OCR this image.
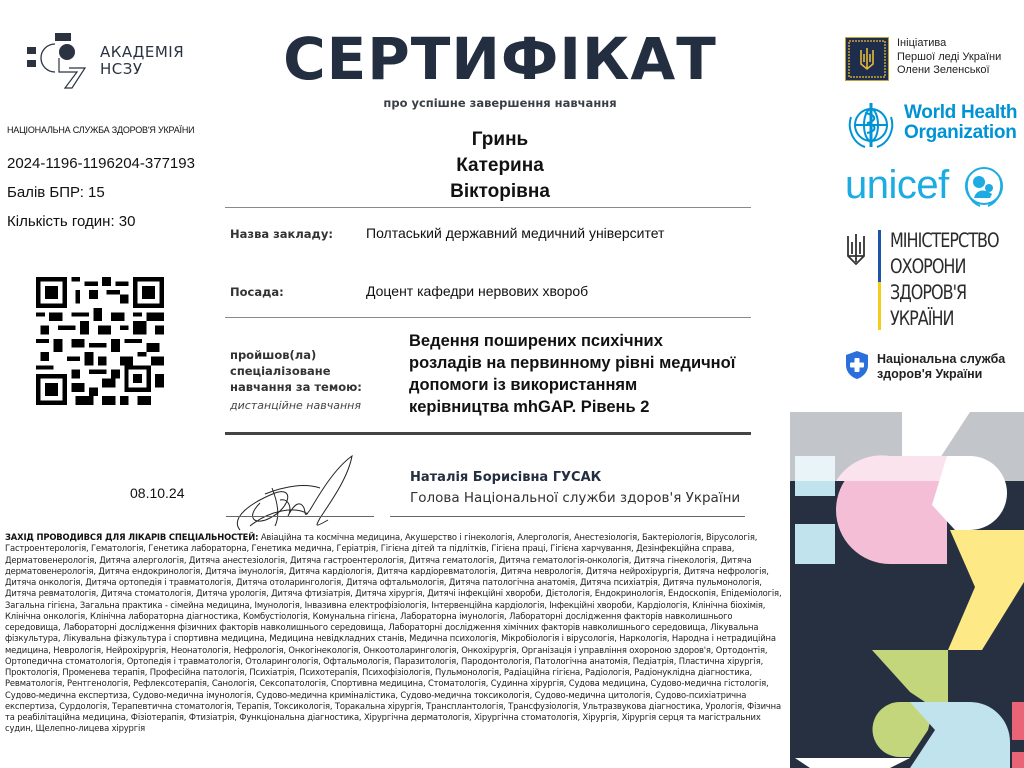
АКАДЕМІЯ
НСЗУ
НАЦІОНАЛЬНА СЛУЖБА ЗДОРОВ'Я УКРАЇНИ
2024-1196-1196204-377193
Балів БПР: 15
Кількість годин: 30
08.10.24
СЕРТИФІКАТ
про успішне завершення навчання
Гринь
Катерина
Вікторівна
Назва закладу: Полтаський державний медичний університет
Посада:	Доцент кафедри нервових хвороб
пройшов(ла)
спеціалізоване
навчання за темою:
дистанційне навчання
Ведення поширених психічних
розладів на первинному рівні медичної
допомоги із використанням
керівництва mhGAP. Рівень 2
Наталія Борисівна ГУСАК
Голова Національної служби здоров'я України
ЗАХІД ПРОВОДИВСЯ ДЛЯ ЛІКАРІВ СПЕЦІАЛЬНОСТЕЙ: Авіаційна та космічна медицина, Акушерство і гінекологія, Алергологія, Анестезіологія, Бактеріологія, Вірусологія, Гастроентерологія, Гематологія, Генетика лабораторна, Генетика медична, Геріатрія, Гігієна дітей та підлітків, Гігієна праці, Гігієна харчування, Дезінфекційна справа, Дерматовенерологія, Дитяча алергологія, Дитяча анестезіологія, Дитяча гастроентерологія, Дитяча гематологія, Дитяча гематологія-онкологія, Дитяча гінекологія, Дитяча дерматовенерологія, Дитяча ендокринологія, Дитяча імунологія, Дитяча кардіологія, Дитяча кардіоревматологія, Дитяча неврологія, Дитяча нейрохірургія, Дитяча нефрологія, Дитяча онкологія, Дитяча ортопедія і травматологія, Дитяча отоларингологія, Дитяча офтальмологія, Дитяча патологічна анатомія, Дитяча психіатрія, Дитяча пульмонологія, Дитяча ревматологія, Дитяча стоматологія, Дитяча урологія, Дитяча фтизіатрія, Дитяча хірургія, Дитячі інфекційні хвороби, Дієтологія, Ендокринологія, Ендоскопія, Епідеміологія, Загальна гігієна, Загальна практика - сімейна медицина, Імунологія, Інвазивна електрофізіологія, Інтервенційна кардіологія, Інфекційні хвороби, Кардіологія, Клінічна біохімія, Клінічна онкологія, Клінічна лабораторна діагностика, Комбустіологія, Комунальна гігієна, Лабораторна імунологія, Лабораторні дослідження факторів навколишнього середовища, Лабораторні дослідження фізичних факторів навколишнього середовища, Лабораторні дослідження хімічних факторів навколишнього середовища, Лікувальна фізкультура, Лікувальна фізкультура і спортивна медицина, Медицина невідкладних станів, Медична психологія, Мікробіологія і вірусологія, Наркологія, Народна і нетрадиційна медицина, Неврологія, Нейрохірургія, Неонатологія, Нефрологія, Онкогінекологія, Онкоотоларингологія, Онкохірургія, Організація і управління охороною здоров'я, Ортодонтія, Ортопедична стоматологія, Ортопедія і травматологія, Отоларингологія, Офтальмологія, Паразитологія, Пародонтологія, Патологічна анатомія, Педіатрія, Пластична хірургія, Проктологія, Променева терапія, Професійна патологія, Психіатрія, Психотерапія, Психофізіологія, Пульмонологія, Радіаційна гігієна, Радіологія, Радіонуклідна діагностика, Ревматологія, Рентгенологія, Рефлексотерапія, Санологія, Сексопатологія, Спортивна медицина, Стоматологія, Судинна хірургія, Судова медицина, Судово-медична гістологія, Судово-медична експертиза, Судово-медична імунологія, Судово-медична криміналістика, Судово-медична токсикологія, Судово-медична цитологія, Судово-психіатрична експертиза, Сурдологія, Терапевтична стоматологія, Терапія, Токсикологія, Торакальна хірургія, Трансплантологія, Трансфузіологія, Ультразвукова діагностика, Урологія, Фізична та реабілітаційна медицина, Фізіотерапія, Фтизіатрія, Функціональна діагностика, Хірургічна дерматологія, Хірургічна стоматологія, Хірургія, Хірургія серця та магістральних судин, Щелепно-лицева хірургія
Ініціатива
Першої леді України
Олени Зеленської
World Health
Organization
unicef
МІНІСТЕРСТВО
ОХОРОНИ
ЗДОРОВ'Я
УКРАЇНИ
Національна служба
здоров'я України
